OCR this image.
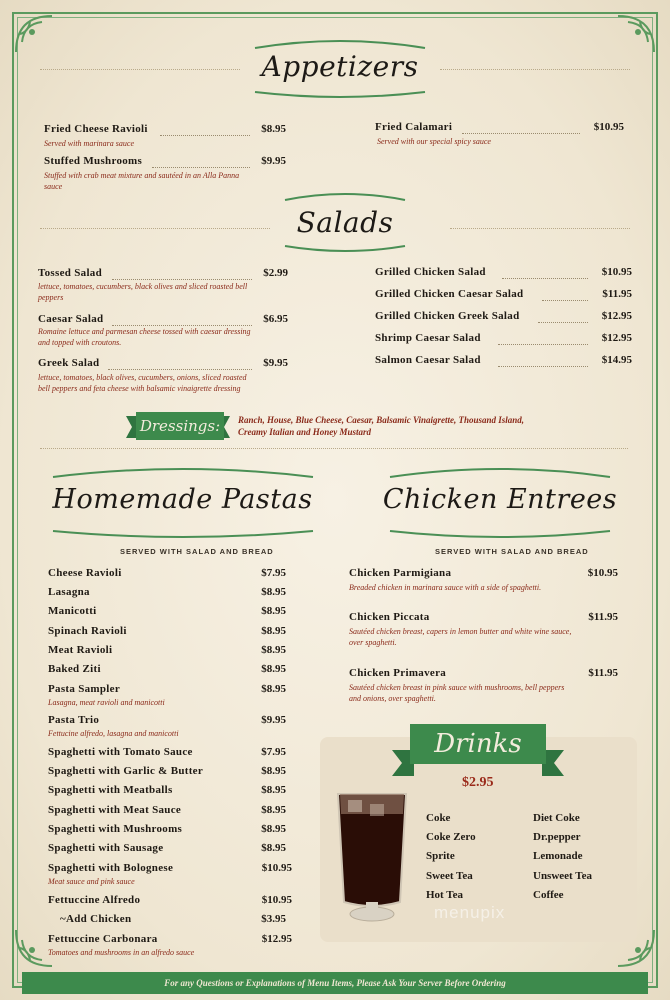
Appetizers
Fried Cheese Ravioli	$8.95
Served with marinara sauce
Stuffed Mushrooms	$9.95
Stuffed with crab meat mixture and sautéed in an Alla Panna sauce
Fried Calamari	$10.95
Served with our special spicy sauce
Salads
Tossed Salad	$2.99
lettuce, tomatoes, cucumbers, black olives and sliced roasted bell peppers
Caesar Salad	$6.95
Romaine lettuce and parmesan cheese tossed with caesar dressing and topped with croutons.
Greek Salad	$9.95
lettuce, tomatoes, black olives, cucumbers, onions, sliced roasted bell peppers and feta cheese with balsamic vinaigrette dressing
Grilled Chicken Salad	$10.95
Grilled Chicken Caesar Salad	$11.95
Grilled Chicken Greek Salad	$12.95
Shrimp Caesar Salad	$12.95
Salmon Caesar Salad	$14.95
Dressings:	Ranch, House, Blue Cheese, Caesar, Balsamic Vinaigrette, Thousand Island,
Creamy Italian and Honey Mustard
Homemade Pastas
SERVED WITH SALAD AND BREAD
Cheese Ravioli	$7.95
Lasagna	$8.95
Manicotti	$8.95
Spinach Ravioli	$8.95
Meat Ravioli	$8.95
Baked Ziti	$8.95
Pasta Sampler	$8.95
Lasagna, meat ravioli and manicotti
Pasta Trio	$9.95
Fettucine alfredo, lasagna and manicotti
Spaghetti with Tomato Sauce	$7.95
Spaghetti with Garlic & Butter	$8.95
Spaghetti with Meatballs	$8.95
Spaghetti with Meat Sauce	$8.95
Spaghetti with Mushrooms	$8.95
Spaghetti with Sausage	$8.95
Spaghetti with Bolognese	$10.95
Meat sauce and pink sauce
Fettuccine Alfredo	$10.95
~Add Chicken	$3.95
Fettuccine Carbonara	$12.95
Tomatoes and mushrooms in an alfredo sauce
Chicken Entrees
SERVED WITH SALAD AND BREAD
Chicken Parmigiana	$10.95
Breaded chicken in marinara sauce with a side of spaghetti.
Chicken Piccata	$11.95
Sautéed chicken breast, capers in lemon butter and white wine sauce, over spaghetti.
Chicken Primavera	$11.95
Sautéed chicken breast in pink sauce with mushrooms, bell peppers and onions, over spaghetti.
Drinks
$2.95
Coke
Coke Zero
Sprite
Sweet Tea
Hot Tea
Diet Coke
Dr.pepper
Lemonade
Unsweet Tea
Coffee
menupix
For any Questions or Explanations of Menu Items, Please Ask Your Server Before Ordering
